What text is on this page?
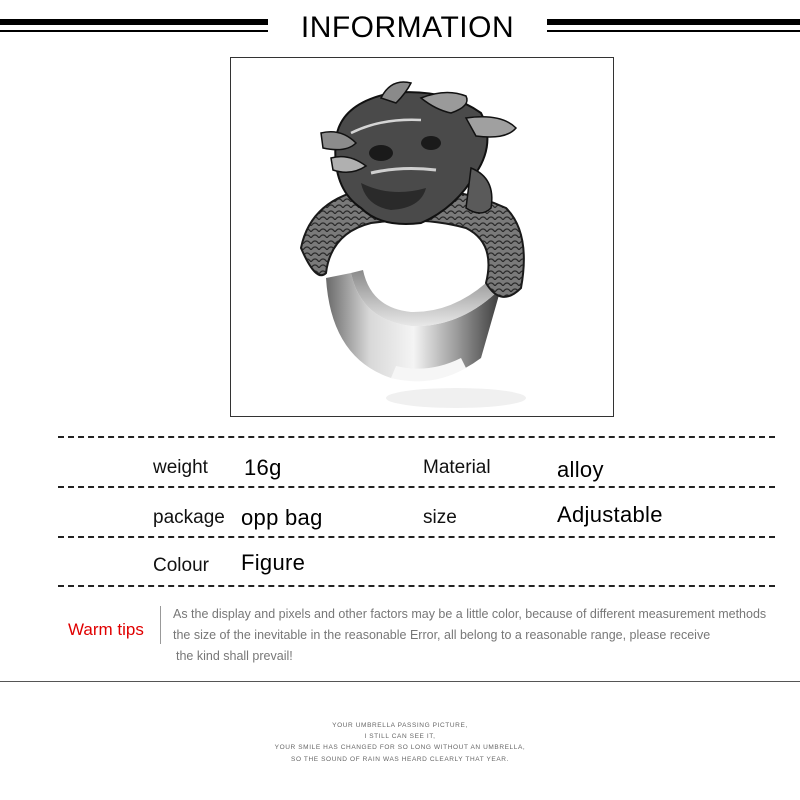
INFORMATION
weight 16g	Material	alloy
package opp bag	size	Adjustable
Colour Figure
Warm tips
As the display and pixels and other factors may be a little color, because of different measurement methods
the size of the inevitable in the reasonable Error, all belong to a reasonable range, please receive
the kind shall prevail!
YOUR UMBRELLA PASSING PICTURE,
I STILL CAN SEE IT,
YOUR SMILE HAS CHANGED FOR SO LONG WITHOUT AN UMBRELLA,
SO THE SOUND OF RAIN WAS HEARD CLEARLY THAT YEAR.
